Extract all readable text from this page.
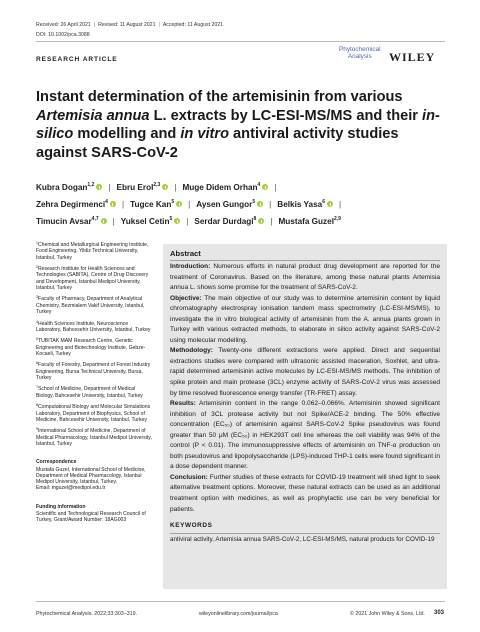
Received: 26 April 2021 | Revised: 11 August 2021 | Accepted: 11 August 2021
DOI: 10.1002/pca.3088
RESEARCH ARTICLE
Phytochemical
Analysis	WILEY
Instant determination of the artemisinin from various Artemisia annua L. extracts by LC-ESI-MS/MS and their in-silico modelling and in vitro antiviral activity studies against SARS-CoV-2
Kubra Dogan$^{1,2}$ | Ebru Erol$^{2,3}$ | Muge Didem Orhan$^4$ |
Zehra Degirmenci$^4$ | Tugce Kan$^5$ | Aysen Gungor$^5$ | Belkis Yasa$^6$ |
Timucin Avsar$^{4,7}$ | Yuksel Cetin$^5$ | Serdar Durdagi$^8$ | Mustafa Guzel$^{2,9}$
$^1$Chemical and Metallurgical Engineering Institute, Food Engineering, Yildiz Technical University, Istanbul, Turkey
$^2$Research Institute for Health Sciences and Technologies (SABITA), Centre of Drug Discovery and Development, Istanbul Medipol University, Istanbul, Turkey
$^3$Faculty of Pharmacy, Department of Analytical Chemistry, Bezmialem Vakif University, Istanbul, Turkey
$^4$Health Sciences Institute, Neuroscience Laboratory, Bahcesehir University, Istanbul, Turkey
$^5$TUBITAK MAM Research Centre, Genetic Engineering and Biotechnology Institute, Gebze-Kocaeli, Turkey
$^6$Faculty of Forestry, Department of Forest Industry Engineering, Bursa Technical University, Bursa, Turkey
$^7$School of Medicine, Department of Medical Biology, Bahcesehir University, Istanbul, Turkey
$^8$Computational Biology and Molecular Simulations Laboratory, Department of Biophysics, School of Medicine, Bahcesehir University, Istanbul, Turkey
$^9$International School of Medicine, Department of Medical Pharmacology, Istanbul Medipol University, Istanbul, Turkey
Correspondence
Mustafa Guzel, International School of Medicine, Department of Medical Pharmacology, Istanbul Medipol University, Istanbul, Turkey.
Email: mguzel@medipol.edu.tr
Funding information
Scientific and Technological Research Council of Turkey, Grant/Award Number: 18AG003
Abstract

Introduction: Numerous efforts in natural product drug development are reported for the treatment of Coronavirus. Based on the literature, among these natural plants Artemisia annua L. shows some promise for the treatment of SARS-CoV-2.

Objective: The main objective of our study was to determine artemisinin content by liquid chromatography electrospray ionisation tandem mass spectrometry (LC-ESI-MS/MS), to investigate the in vitro biological activity of artemisinin from the A. annua plants grown in Turkey with various extracted methods, to elaborate in silico activity against SARS-CoV-2 using molecular modelling.

Methodology: Twenty-one different extractions were applied. Direct and sequential extractions studies were compared with ultrasonic assisted maceration, Soxhlet, and ultra-rapid determined artemisinin active molecules by LC-ESI-MS/MS methods. The inhibition of spike protein and main protease (3CL) enzyme activity of SARS-CoV-2 virus was assessed by time resolved fluorescence energy transfer (TR-FRET) assay.

Results: Artemisinin content in the range 0.062–0.066%. Artemisinin showed significant inhibition of 3CL protease activity but not Spike/ACE-2 binding. The 50% effective concentration (EC₅₀) of artemisinin against SARS-CoV-2 Spike pseudovirus was found greater than 50 μM (EC₅₀) in HEK293T cell line whereas the cell viability was 94% of the control (P < 0.01). The immunosuppressive effects of artemisinin on TNF-α production on both pseudovirus and lipopolysaccharide (LPS)-induced THP-1 cells were found significant in a dose dependent manner.

Conclusion: Further studies of these extracts for COVID-19 treatment will shed light to seek alternative treatment options. Moreover, these natural extracts can be used as an additional treatment option with medicines, as well as prophylactic use can be very beneficial for patients.

KEYWORDS
antiviral activity, Artemisia annua SARS-CoV-2, LC-ESI-MS/MS, natural products for COVID-19
Phytochemical Analysis. 2022;33:303–319.	wileyonlinelibrary.com/journal/pca	© 2021 John Wiley & Sons, Ltd. 303
